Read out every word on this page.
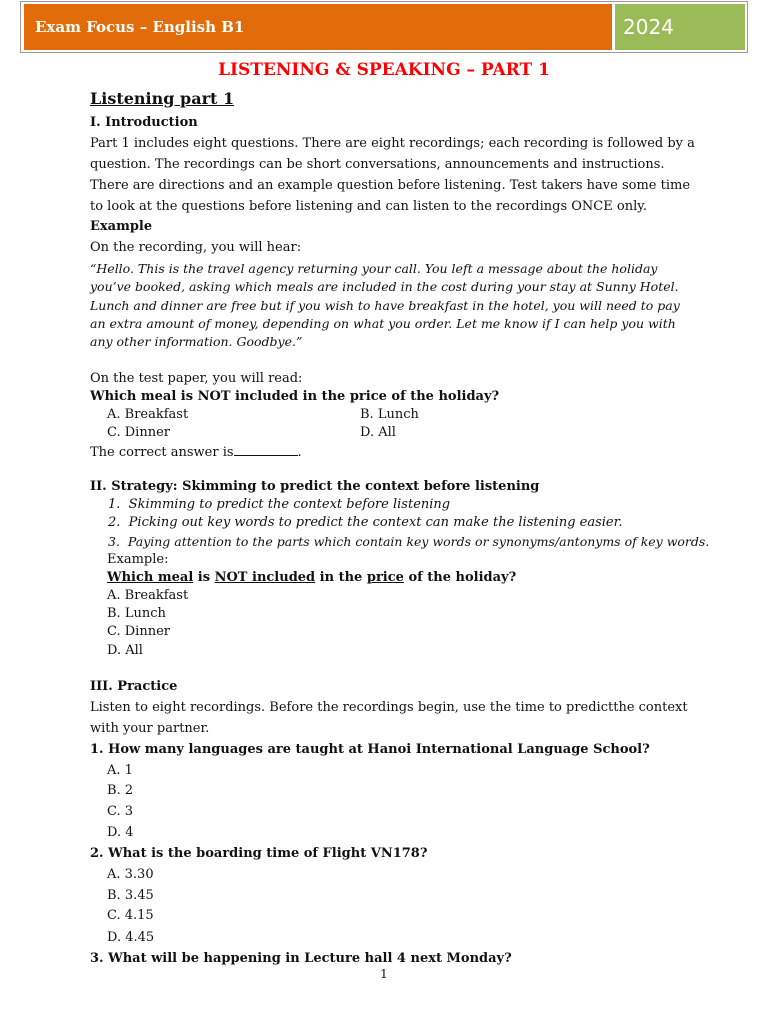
Exam Focus – English B1	2024
LISTENING & SPEAKING – PART 1
Listening part 1
I. Introduction
Part 1 includes eight questions. There are eight recordings; each recording is followed by a
question. The recordings can be short conversations, announcements and instructions.
There are directions and an example question before listening. Test takers have some time
to look at the questions before listening and can listen to the recordings ONCE only.
Example
On the recording, you will hear:
“Hello. This is the travel agency returning your call. You left a message about the holiday
you’ve booked, asking which meals are included in the cost during your stay at Sunny Hotel.
Lunch and dinner are free but if you wish to have breakfast in the hotel, you will need to pay
an extra amount of money, depending on what you order. Let me know if I can help you with
any other information. Goodbye.”
On the test paper, you will read:
Which meal is NOT included in the price of the holiday?
A. Breakfast	B. Lunch
C. Dinner	D. All
The correct answer is	.
II. Strategy: Skimming to predict the context before listening
1. Skimming to predict the context before listening
2. Picking out key words to predict the context can make the listening easier.
3. Paying attention to the parts which contain key words or synonyms/antonyms of key words.
Example:
Which meal is NOT included in the price of the holiday?
A. Breakfast
B. Lunch
C. Dinner
D. All
III. Practice
Listen to eight recordings. Before the recordings begin, use the time to predictthe context
with your partner.
1. How many languages are taught at Hanoi International Language School?
A. 1
B. 2
C. 3
D. 4
2. What is the boarding time of Flight VN178?
A. 3.30
B. 3.45
C. 4.15
D. 4.45
3. What will be happening in Lecture hall 4 next Monday?
1
